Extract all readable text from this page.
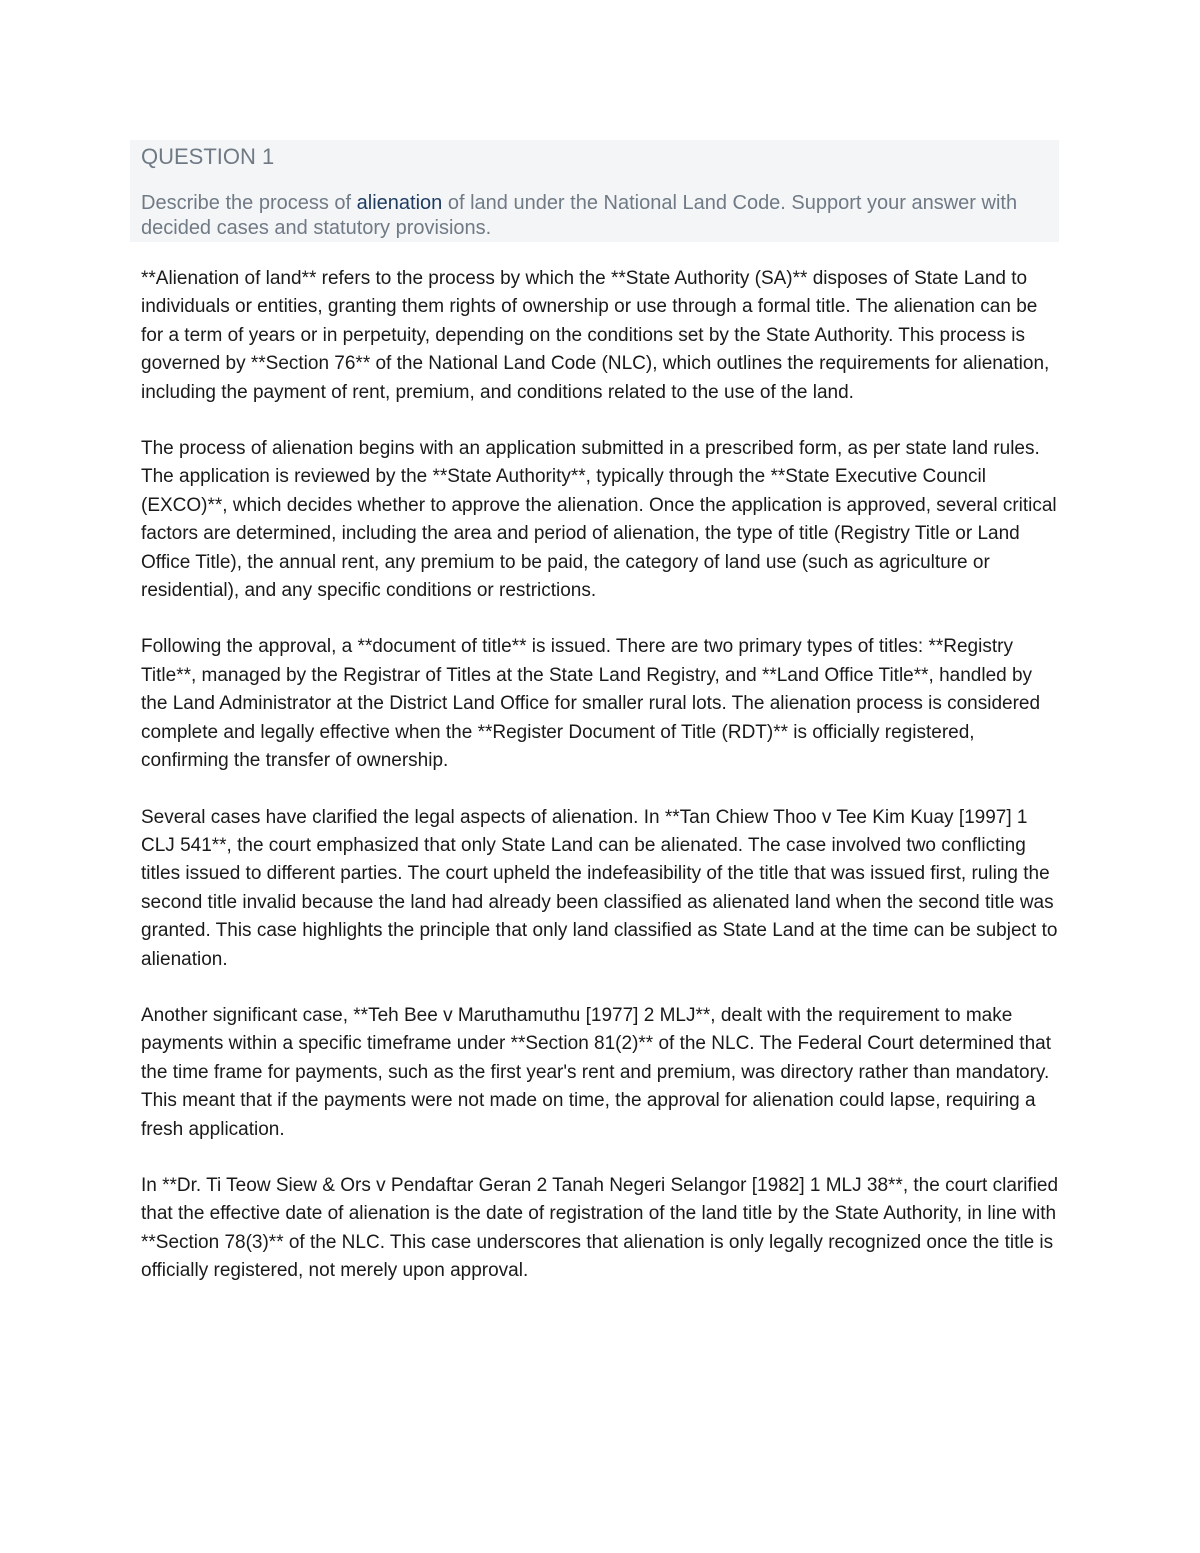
QUESTION 1

Describe the process of alienation of land under the National Land Code. Support your answer with decided cases and statutory provisions.

**Alienation of land** refers to the process by which the **State Authority (SA)** disposes of State Land to individuals or entities, granting them rights of ownership or use through a formal title. The alienation can be for a term of years or in perpetuity, depending on the conditions set by the State Authority. This process is governed by **Section 76** of the National Land Code (NLC), which outlines the requirements for alienation, including the payment of rent, premium, and conditions related to the use of the land.

The process of alienation begins with an application submitted in a prescribed form, as per state land rules. The application is reviewed by the **State Authority**, typically through the **State Executive Council (EXCO)**, which decides whether to approve the alienation. Once the application is approved, several critical factors are determined, including the area and period of alienation, the type of title (Registry Title or Land Office Title), the annual rent, any premium to be paid, the category of land use (such as agriculture or residential), and any specific conditions or restrictions.

Following the approval, a **document of title** is issued. There are two primary types of titles: **Registry Title**, managed by the Registrar of Titles at the State Land Registry, and **Land Office Title**, handled by the Land Administrator at the District Land Office for smaller rural lots. The alienation process is considered complete and legally effective when the **Register Document of Title (RDT)** is officially registered, confirming the transfer of ownership.

Several cases have clarified the legal aspects of alienation. In **Tan Chiew Thoo v Tee Kim Kuay [1997] 1 CLJ 541**, the court emphasized that only State Land can be alienated. The case involved two conflicting titles issued to different parties. The court upheld the indefeasibility of the title that was issued first, ruling the second title invalid because the land had already been classified as alienated land when the second title was granted. This case highlights the principle that only land classified as State Land at the time can be subject to alienation.

Another significant case, **Teh Bee v Maruthamuthu [1977] 2 MLJ**, dealt with the requirement to make payments within a specific timeframe under **Section 81(2)** of the NLC. The Federal Court determined that the time frame for payments, such as the first year's rent and premium, was directory rather than mandatory. This meant that if the payments were not made on time, the approval for alienation could lapse, requiring a fresh application.

In **Dr. Ti Teow Siew & Ors v Pendaftar Geran 2 Tanah Negeri Selangor [1982] 1 MLJ 38**, the court clarified that the effective date of alienation is the date of registration of the land title by the State Authority, in line with **Section 78(3)** of the NLC. This case underscores that alienation is only legally recognized once the title is officially registered, not merely upon approval.
